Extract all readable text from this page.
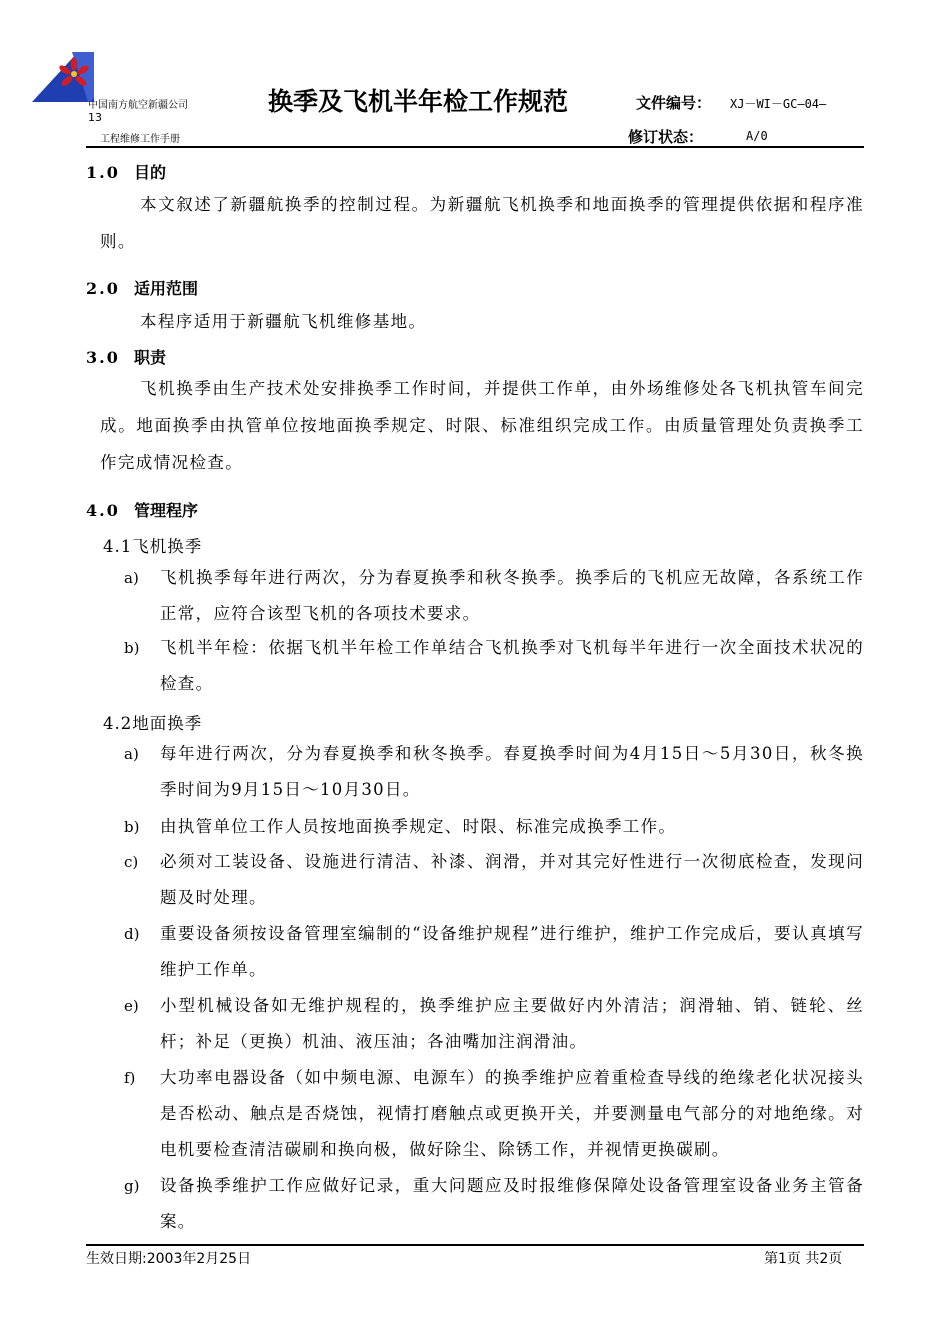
中国南方航空新疆公司
13
工程维修工作手册
换季及飞机半年检工作规范	文件编号： XJ－WI－GC—04—
修订状态：	A/0
1.0 目的
本文叙述了新疆航换季的控制过程。为新疆航飞机换季和地面换季的管理提供依据和程序准则。
2.0 适用范围
本程序适用于新疆航飞机维修基地。
3.0 职责
飞机换季由生产技术处安排换季工作时间，并提供工作单，由外场维修处各飞机执管车间完成。地面换季由执管单位按地面换季规定、时限、标准组织完成工作。由质量管理处负责换季工作完成情况检查。
4.0 管理程序
4.1飞机换季
a) 飞机换季每年进行两次，分为春夏换季和秋冬换季。换季后的飞机应无故障，各系统工作正常，应符合该型飞机的各项技术要求。
b) 飞机半年检：依据飞机半年检工作单结合飞机换季对飞机每半年进行一次全面技术状况的检查。
4.2地面换季
a) 每年进行两次，分为春夏换季和秋冬换季。春夏换季时间为4月15日～5月30日，秋冬换季时间为9月15日～10月30日。
b) 由执管单位工作人员按地面换季规定、时限、标准完成换季工作。
c) 必须对工装设备、设施进行清洁、补漆、润滑，并对其完好性进行一次彻底检查，发现问题及时处理。
d) 重要设备须按设备管理室编制的“设备维护规程”进行维护，维护工作完成后，要认真填写维护工作单。
e) 小型机械设备如无维护规程的，换季维护应主要做好内外清洁；润滑轴、销、链轮、丝杆；补足（更换）机油、液压油；各油嘴加注润滑油。
f) 大功率电器设备（如中频电源、电源车）的换季维护应着重检查导线的绝缘老化状况接头是否松动、触点是否烧蚀，视情打磨触点或更换开关，并要测量电气部分的对地绝缘。对电机要检查清洁碳刷和换向极，做好除尘、除锈工作，并视情更换碳刷。
g) 设备换季维护工作应做好记录，重大问题应及时报维修保障处设备管理室设备业务主管备案。
生效日期:2003年2月25日	第1页 共2页
